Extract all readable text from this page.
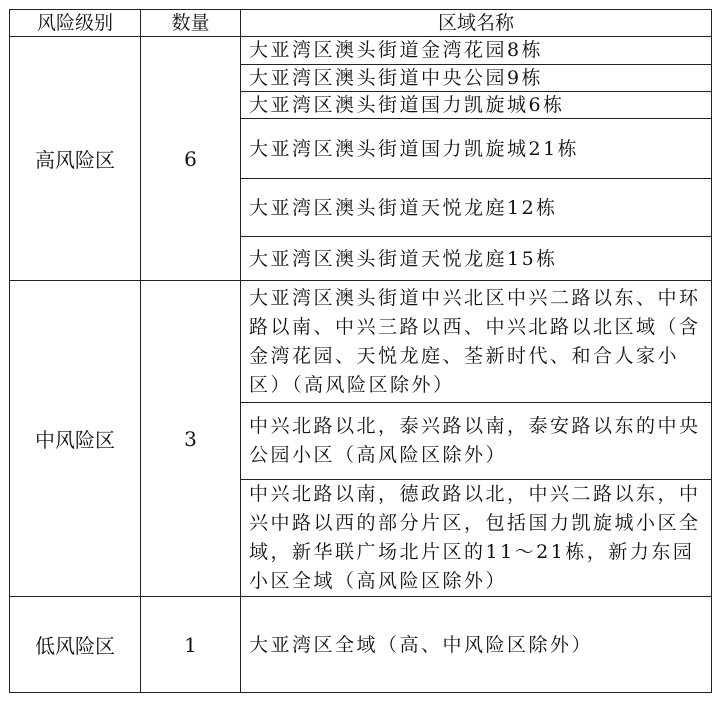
风险级别	数量	区域名称
高风险区	6	大亚湾区澳头街道金湾花园8栋
		大亚湾区澳头街道中央公园9栋
		大亚湾区澳头街道国力凯旋城6栋
		大亚湾区澳头街道国力凯旋城21栋
		大亚湾区澳头街道天悦龙庭12栋
		大亚湾区澳头街道天悦龙庭15栋
中风险区	3	大亚湾区澳头街道中兴北区中兴二路以东、中环路以南、中兴三路以西、中兴北路以北区域（含金湾花园、天悦龙庭、荃新时代、和合人家小区）（高风险区除外）
		中兴北路以北，泰兴路以南，泰安路以东的中央公园小区（高风险区除外）
		中兴北路以南，德政路以北，中兴二路以东，中兴中路以西的部分片区，包括国力凯旋城小区全域，新华联广场北片区的11～21栋，新力东园小区全域（高风险区除外）
低风险区	1	大亚湾区全域（高、中风险区除外）
